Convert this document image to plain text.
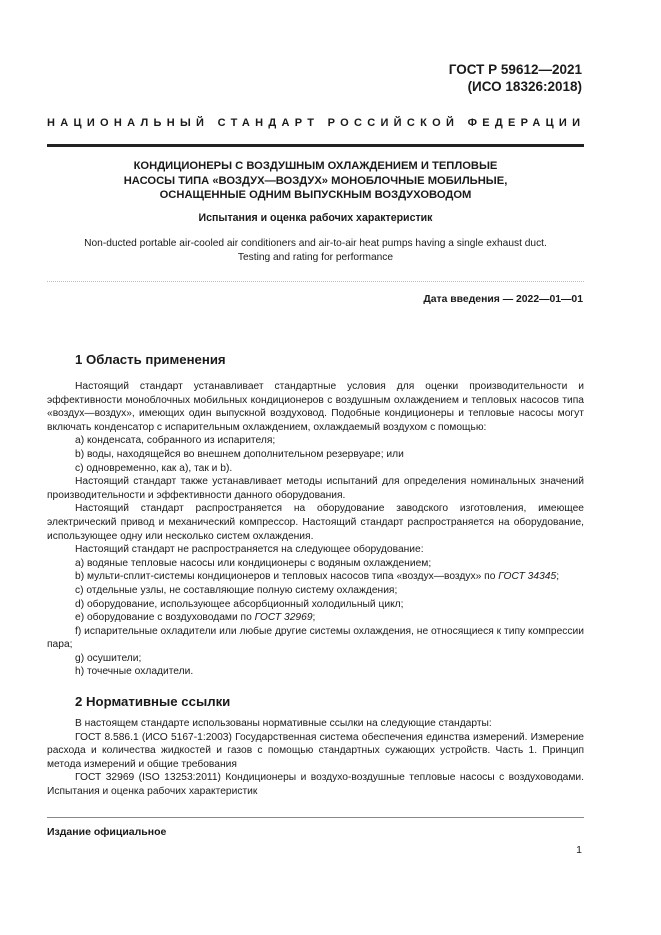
ГОСТ Р 59612—2021
(ИСО 18326:2018)
НАЦИОНАЛЬНЫЙ СТАНДАРТ РОССИЙСКОЙ ФЕДЕРАЦИИ
КОНДИЦИОНЕРЫ С ВОЗДУШНЫМ ОХЛАЖДЕНИЕМ И ТЕПЛОВЫЕ
НАСОСЫ ТИПА «ВОЗДУХ—ВОЗДУХ» МОНОБЛОЧНЫЕ МОБИЛЬНЫЕ,
ОСНАЩЕННЫЕ ОДНИМ ВЫПУСКНЫМ ВОЗДУХОВОДОМ
Испытания и оценка рабочих характеристик
Non-ducted portable air-cooled air conditioners and air-to-air heat pumps having a single exhaust duct.
Testing and rating for performance
Дата введения — 2022—01—01
1 Область применения

Настоящий стандарт устанавливает стандартные условия для оценки производительности и эффективности моноблочных мобильных кондиционеров с воздушным охлаждением и тепловых насосов типа «воздух—воздух», имеющих один выпускной воздуховод. Подобные кондиционеры и тепловые насосы могут включать конденсатор с испарительным охлаждением, охлаждаемый воздухом с помощью:

a) конденсата, собранного из испарителя;

b) воды, находящейся во внешнем дополнительном резервуаре; или

c) одновременно, как a), так и b).

Настоящий стандарт также устанавливает методы испытаний для определения номинальных значений производительности и эффективности данного оборудования.

Настоящий стандарт распространяется на оборудование заводского изготовления, имеющее электрический привод и механический компрессор. Настоящий стандарт распространяется на оборудование, использующее одну или несколько систем охлаждения.

Настоящий стандарт не распространяется на следующее оборудование:

a) водяные тепловые насосы или кондиционеры с водяным охлаждением;

b) мульти-сплит-системы кондиционеров и тепловых насосов типа «воздух—воздух» по ГОСТ 34345;

c) отдельные узлы, не составляющие полную систему охлаждения;

d) оборудование, использующее абсорбционный холодильный цикл;

e) оборудование с воздуховодами по ГОСТ 32969;

f) испарительные охладители или любые другие системы охлаждения, не относящиеся к типу компрессии пара;

g) осушители;

h) точечные охладители.

2 Нормативные ссылки

В настоящем стандарте использованы нормативные ссылки на следующие стандарты:

ГОСТ 8.586.1 (ИСО 5167-1:2003) Государственная система обеспечения единства измерений. Измерение расхода и количества жидкостей и газов с помощью стандартных сужающих устройств. Часть 1. Принцип метода измерений и общие требования

ГОСТ 32969 (ISO 13253:2011) Кондиционеры и воздухо-воздушные тепловые насосы с воздуховодами. Испытания и оценка рабочих характеристик

Издание официальное
1
